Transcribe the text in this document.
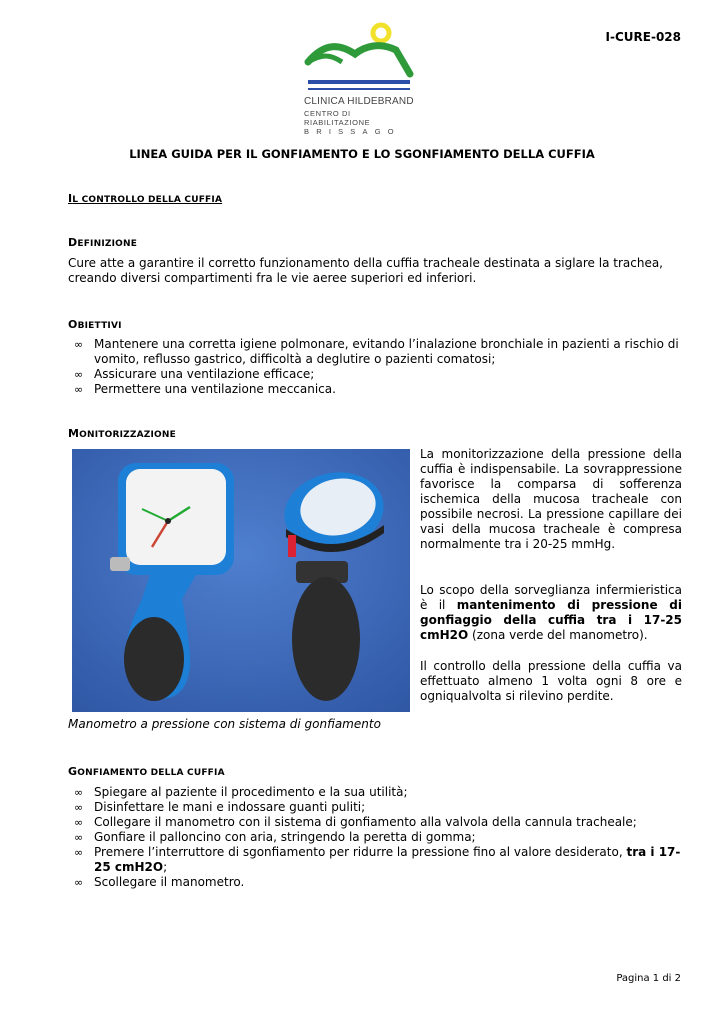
I-CURE-028
CLINICA HILDEBRAND
CENTRO DI RIABILITAZIONE
BRISSAGO
LINEA GUIDA PER IL GONFIAMENTO E LO SGONFIAMENTO DELLA CUFFIA
IL CONTROLLO DELLA CUFFIA
DEFINIZIONE

Cure atte a garantire il corretto funzionamento della cuffia tracheale destinata a siglare la trachea, creando diversi compartimenti fra le vie aeree superiori ed inferiori.

OBIETTIVI
∞ Mantenere una corretta igiene polmonare, evitando l’inalazione bronchiale in pazienti a rischio di vomito, reflusso gastrico, difficoltà a deglutire o pazienti comatosi;
∞ Assicurare una ventilazione efficace;
∞ Permettere una ventilazione meccanica.
MONITORIZZAZIONE
Manometro a pressione con sistema di gonfiamento
La monitorizzazione della pressione della cuffia è indispensabile. La sovrappressione favorisce la comparsa di sofferenza ischemica della mucosa tracheale con possibile necrosi. La pressione capillare dei vasi della mucosa tracheale è compresa normalmente tra i 20-25 mmHg.
Lo scopo della sorveglianza infermieristica è il mantenimento di pressione di gonfiaggio della cuffia tra i 17-25 cmH2O (zona verde del manometro).
Il controllo della pressione della cuffia va effettuato almeno 1 volta ogni 8 ore e ogniqualvolta si rilevino perdite.
GONFIAMENTO DELLA CUFFIA
∞ Spiegare al paziente il procedimento e la sua utilità;
∞ Disinfettare le mani e indossare guanti puliti;
∞ Collegare il manometro con il sistema di gonfiamento alla valvola della cannula tracheale;
∞ Gonfiare il palloncino con aria, stringendo la peretta di gomma;
∞ Premere l’interruttore di sgonfiamento per ridurre la pressione fino al valore desiderato, tra i 17-25 cmH2O;
∞ Scollegare il manometro.
Pagina 1 di 2
